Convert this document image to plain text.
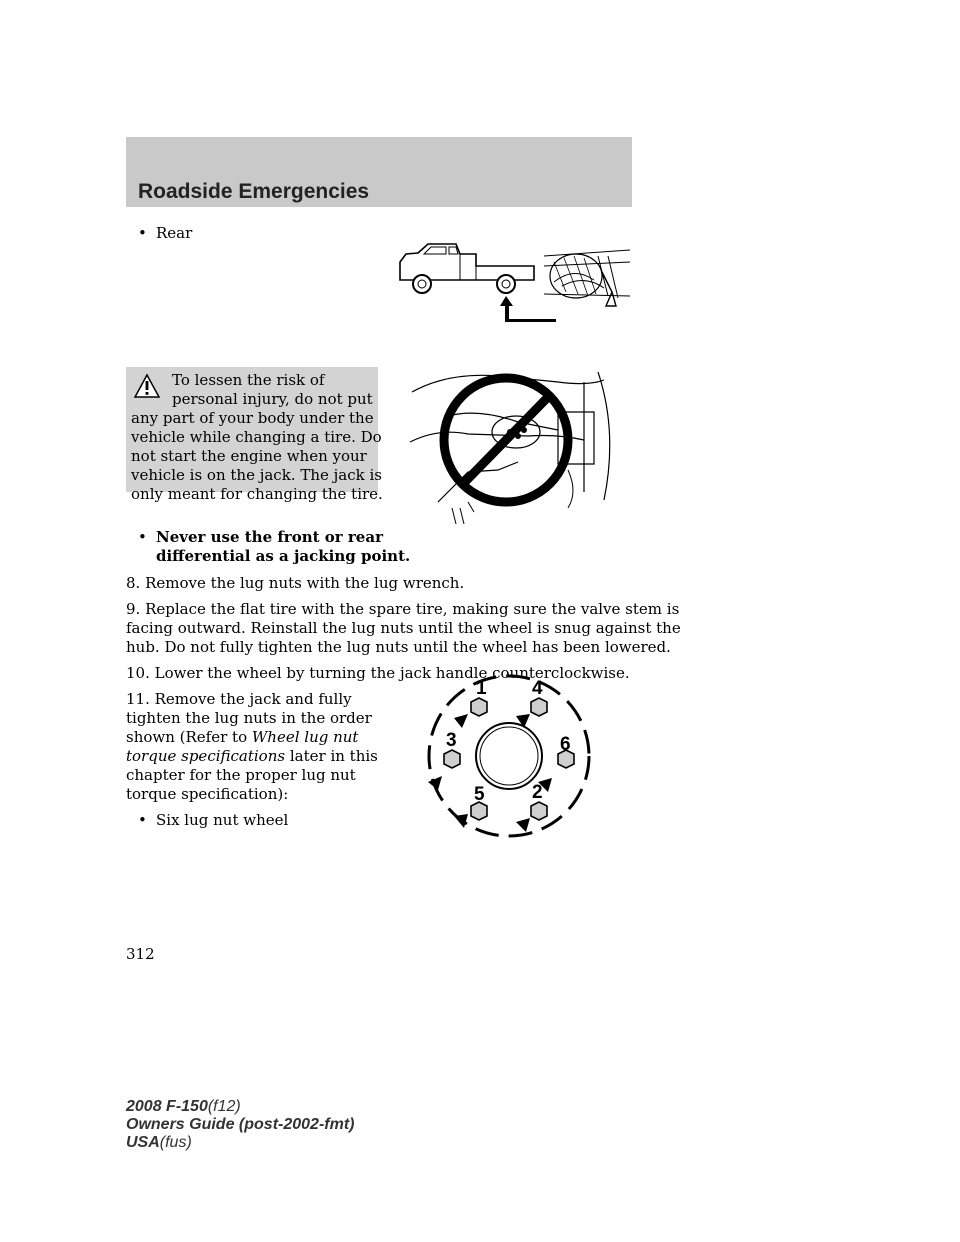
Roadside Emergencies
• Rear
To lessen the risk of
personal injury, do not put
any part of your body under the
vehicle while changing a tire. Do
not start the engine when your
vehicle is on the jack. The jack is
only meant for changing the tire.
• Never use the front or rear
differential as a jacking point.
8. Remove the lug nuts with the lug wrench.
9. Replace the flat tire with the spare tire, making sure the valve stem is
facing outward. Reinstall the lug nuts until the wheel is snug against the
hub. Do not fully tighten the lug nuts until the wheel has been lowered.
10. Lower the wheel by turning the jack handle counterclockwise.
11. Remove the jack and fully
tighten the lug nuts in the order
shown (Refer to Wheel lug nut
torque specifications later in this
chapter for the proper lug nut
torque specification):
• Six lug nut wheel
1 4
3	6
5 2
312
2008 F-150(f12)
Owners Guide (post-2002-fmt)
USA(fus)
